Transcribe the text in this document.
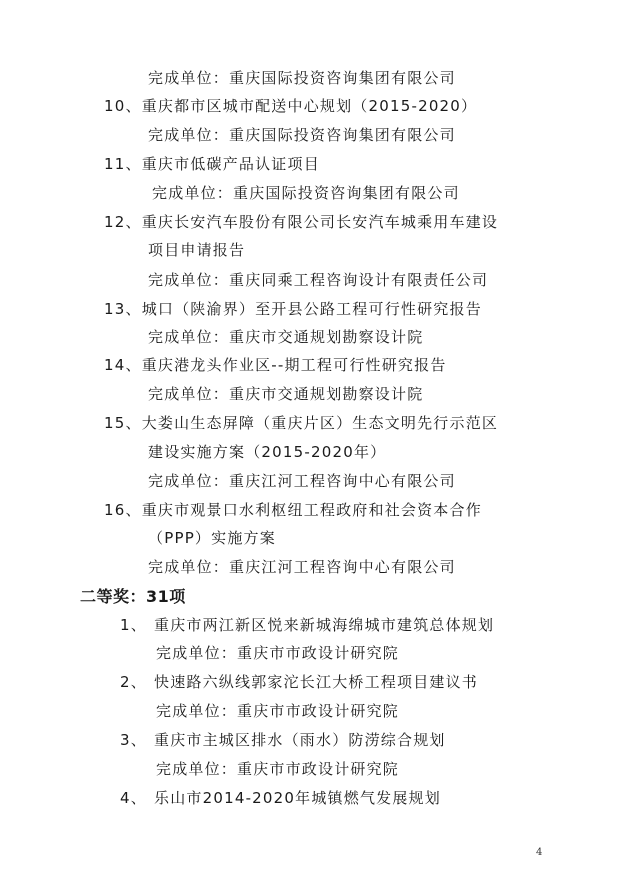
完成单位：重庆国际投资咨询集团有限公司
10、重庆都市区城市配送中心规划（2015-2020）
完成单位：重庆国际投资咨询集团有限公司
11、重庆市低碳产品认证项目
完成单位：重庆国际投资咨询集团有限公司
12、重庆长安汽车股份有限公司长安汽车城乘用车建设
项目申请报告
完成单位：重庆同乘工程咨询设计有限责任公司
13、城口（陕渝界）至开县公路工程可行性研究报告
完成单位：重庆市交通规划勘察设计院
14、重庆港龙头作业区--期工程可行性研究报告
完成单位：重庆市交通规划勘察设计院
15、大娄山生态屏障（重庆片区）生态文明先行示范区
建设实施方案（2015-2020年）
完成单位：重庆江河工程咨询中心有限公司
16、重庆市观景口水利枢纽工程政府和社会资本合作
（PPP）实施方案
完成单位：重庆江河工程咨询中心有限公司
二等奖：31项
1、 重庆市两江新区悦来新城海绵城市建筑总体规划
完成单位：重庆市市政设计研究院
2、 快速路六纵线郭家沱长江大桥工程项目建议书
完成单位：重庆市市政设计研究院
3、 重庆市主城区排水（雨水）防涝综合规划
完成单位：重庆市市政设计研究院
4、 乐山市2014-2020年城镇燃气发展规划
4
